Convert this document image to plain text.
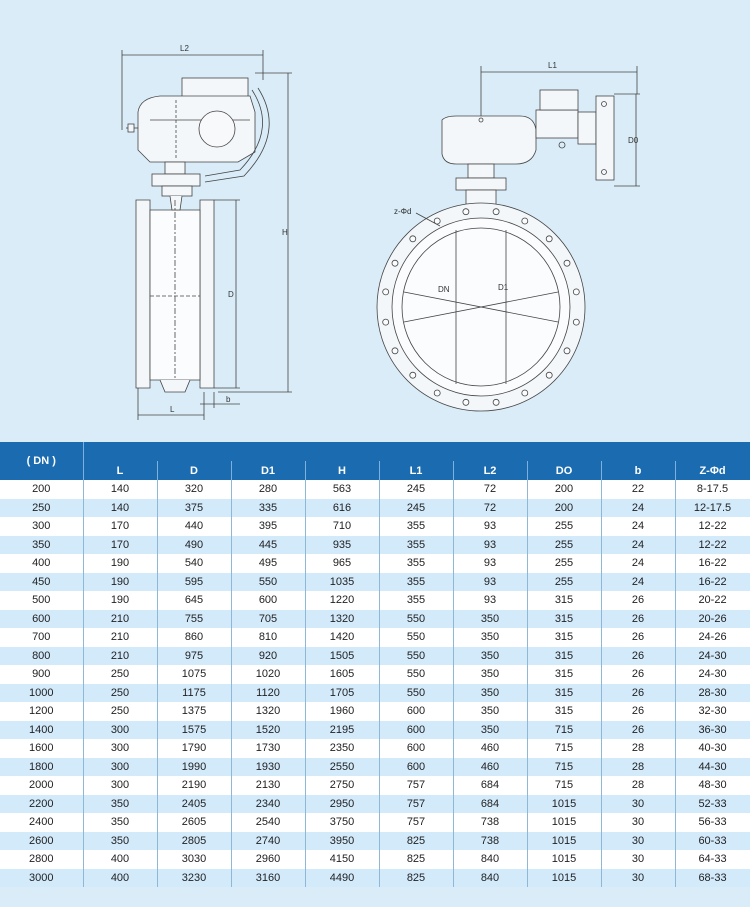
L2
H
D
L
b
L1
D0
z-Φd
DN	D1
( DN )									
	L	D	D1	H	L1	L2	DO	b	Z-Φd
200	140	320	280	563	245	72	200	22	8-17.5
250	140	375	335	616	245	72	200	24	12-17.5
300	170	440	395	710	355	93	255	24	12-22
350	170	490	445	935	355	93	255	24	12-22
400	190	540	495	965	355	93	255	24	16-22
450	190	595	550	1035	355	93	255	24	16-22
500	190	645	600	1220	355	93	315	26	20-22
600	210	755	705	1320	550	350	315	26	20-26
700	210	860	810	1420	550	350	315	26	24-26
800	210	975	920	1505	550	350	315	26	24-30
900	250	1075	1020	1605	550	350	315	26	24-30
1000	250	1175	1120	1705	550	350	315	26	28-30
1200	250	1375	1320	1960	600	350	315	26	32-30
1400	300	1575	1520	2195	600	350	715	26	36-30
1600	300	1790	1730	2350	600	460	715	28	40-30
1800	300	1990	1930	2550	600	460	715	28	44-30
2000	300	2190	2130	2750	757	684	715	28	48-30
2200	350	2405	2340	2950	757	684	1015	30	52-33
2400	350	2605	2540	3750	757	738	1015	30	56-33
2600	350	2805	2740	3950	825	738	1015	30	60-33
2800	400	3030	2960	4150	825	840	1015	30	64-33
3000	400	3230	3160	4490	825	840	1015	30	68-33
